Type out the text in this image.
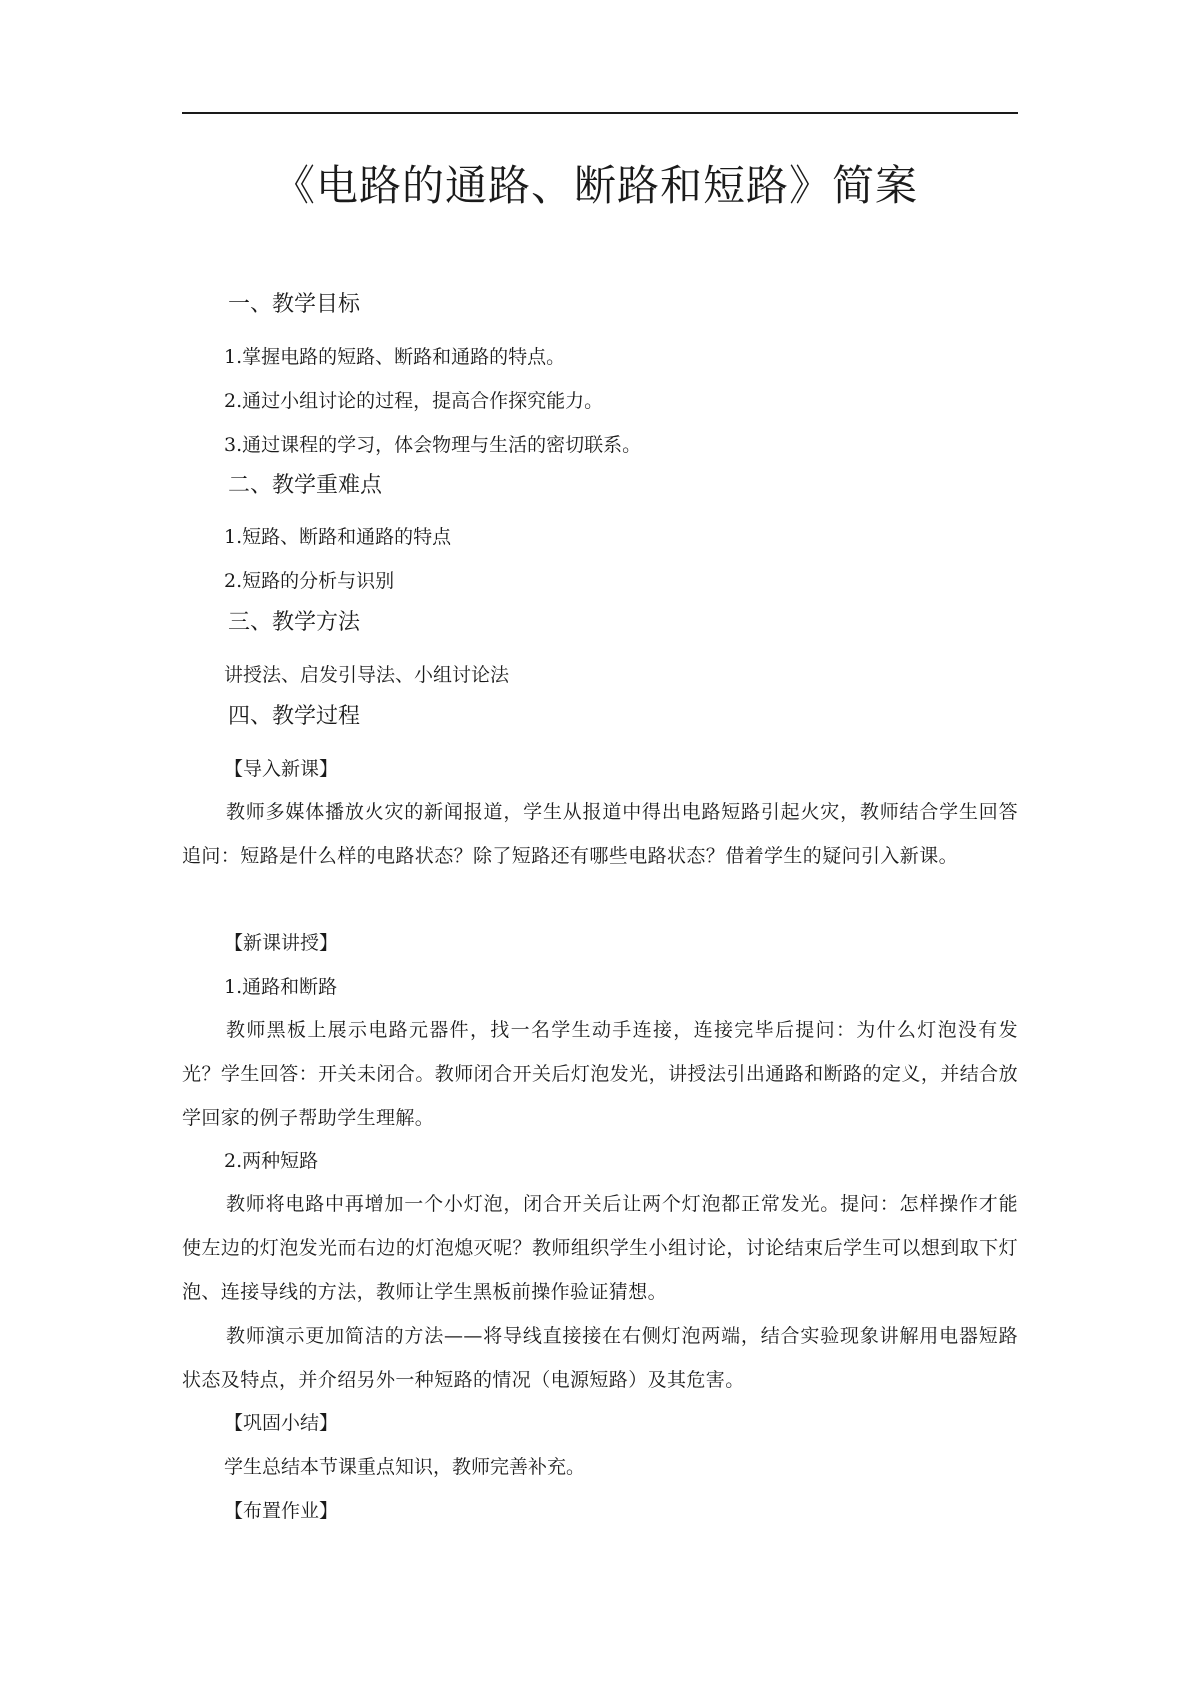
《电路的通路、断路和短路》简案
一、教学目标
1.掌握电路的短路、断路和通路的特点。
2.通过小组讨论的过程，提高合作探究能力。
3.通过课程的学习，体会物理与生活的密切联系。
二、教学重难点
1.短路、断路和通路的特点
2.短路的分析与识别
三、教学方法
讲授法、启发引导法、小组讨论法
四、教学过程
【导入新课】

教师多媒体播放火灾的新闻报道，学生从报道中得出电路短路引起火灾，教师结合学生回答追问：短路是什么样的电路状态？除了短路还有哪些电路状态？借着学生的疑问引入新课。

【新课讲授】
1.通路和断路

教师黑板上展示电路元器件，找一名学生动手连接，连接完毕后提问：为什么灯泡没有发光？学生回答：开关未闭合。教师闭合开关后灯泡发光，讲授法引出通路和断路的定义，并结合放学回家的例子帮助学生理解。

2.两种短路

教师将电路中再增加一个小灯泡，闭合开关后让两个灯泡都正常发光。提问：怎样操作才能使左边的灯泡发光而右边的灯泡熄灭呢？教师组织学生小组讨论，讨论结束后学生可以想到取下灯泡、连接导线的方法，教师让学生黑板前操作验证猜想。

教师演示更加简洁的方法——将导线直接接在右侧灯泡两端，结合实验现象讲解用电器短路状态及特点，并介绍另外一种短路的情况（电源短路）及其危害。

【巩固小结】
学生总结本节课重点知识，教师完善补充。
【布置作业】
